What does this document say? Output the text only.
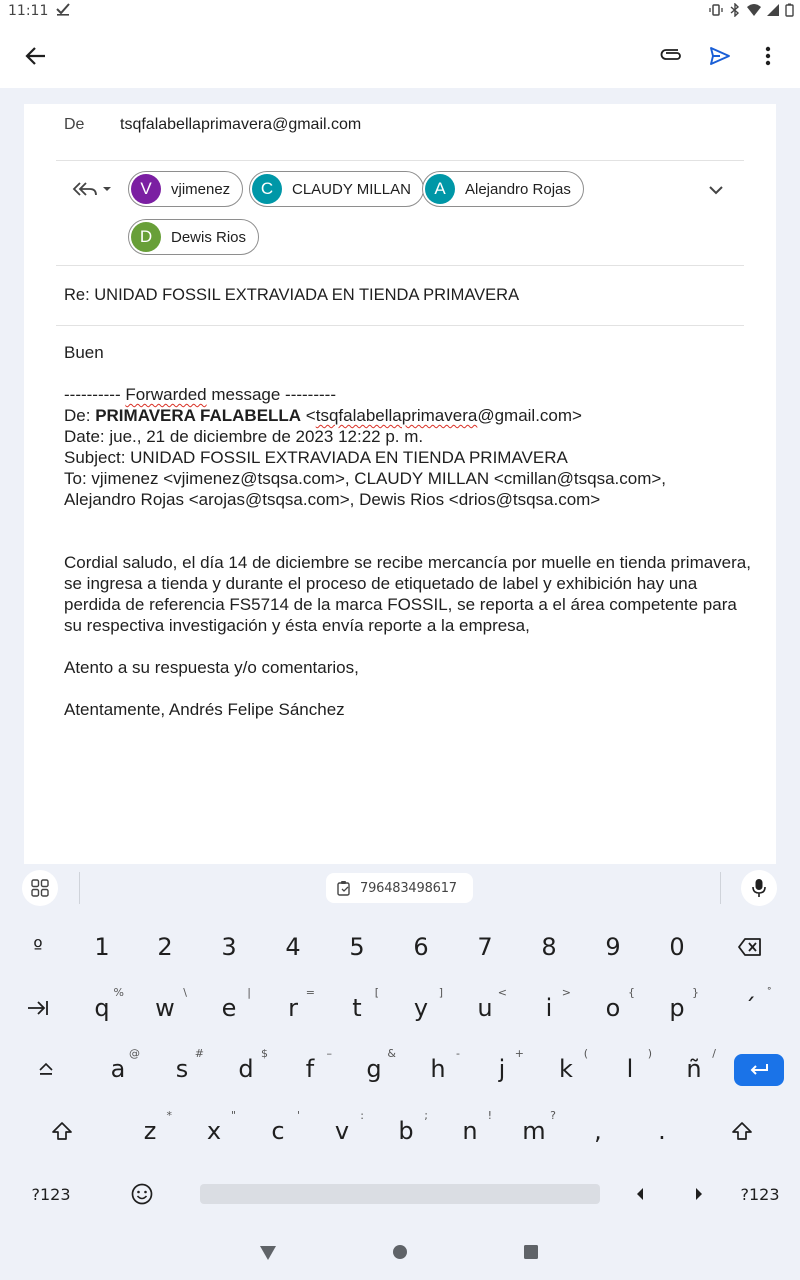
11:11
De	tsqfalabellaprimavera@gmail.com
V	vjimenez	C	CLAUDY MILLAN	A	Alejandro Rojas
D	Dewis Rios
Re: UNIDAD FOSSIL EXTRAVIADA EN TIENDA PRIMAVERA

Buen

---------- Forwarded message ---------

De: PRIMAVERA FALABELLA <tsqfalabellaprimavera@gmail.com>

Date: jue., 21 de diciembre de 2023 12:22 p. m.

Subject: UNIDAD FOSSIL EXTRAVIADA EN TIENDA PRIMAVERA

To: vjimenez <vjimenez@tsqsa.com>, CLAUDY MILLAN <cmillan@tsqsa.com>,

Alejandro Rojas <arojas@tsqsa.com>, Dewis Rios <drios@tsqsa.com>

Cordial saludo, el día 14 de diciembre se recibe mercancía por muelle en tienda primavera, se ingresa a tienda y durante el proceso de etiquetado de label y exhibición hay una perdida de referencia FS5714 de la marca FOSSIL, se reporta a el área competente para su respectiva investigación y ésta envía reporte a la empresa,

Atento a su respuesta y/o comentarios,

Atentamente, Andrés Felipe Sánchez

796483498617
º	1	2	3	4	5	6	7	8	9	0
q
%
w
\
e
|
r
=
t
[
y
]
u
<
i
>
o
{
p
}
´
˚
a
@
s
#
d
$
f
–
g
&
h
-
j
+
k
(
l
)
ñ
/
z
*
x
"
c
'
v
:
b
;
n
!
m
?
, .
?123	?123
